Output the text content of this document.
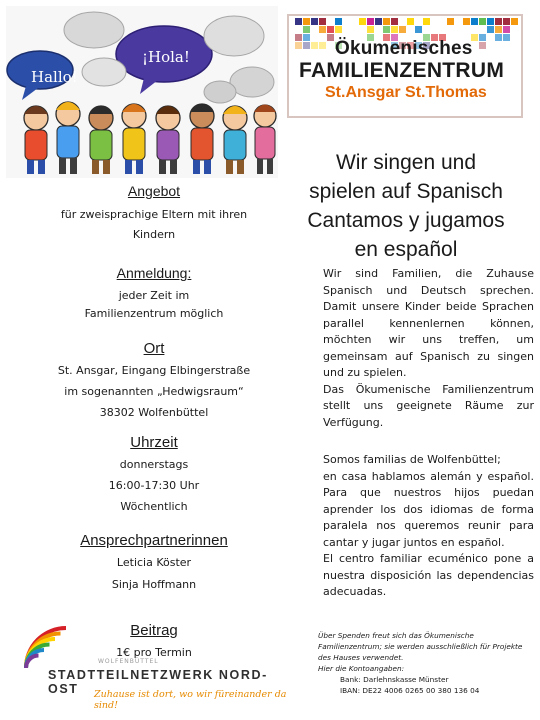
Hallo!
¡Hola!	Ökumenisches
FAMILIENZENTRUM
St.Ansgar St.Thomas
Angebot
für zweisprachige Eltern mit ihren Kindern
Anmeldung:
jeder Zeit im Familienzentrum möglich
Ort
St. Ansgar, Eingang Elbingerstraße
im sogenannten „Hedwigsraum“
38302 Wolfenbüttel
Uhrzeit
donnerstags
16:00-17:30 Uhr
Wöchentlich
Ansprechpartnerinnen
Leticia Köster
Sinja Hoffmann
Beitrag
1€ pro Termin
Wir singen und
spielen auf Spanisch
Cantamos y jugamos
en español
Wir sind Familien, die Zuhause Spanisch und Deutsch sprechen. Damit unsere Kinder beide Sprachen parallel kennenlernen können, möchten wir uns treffen, um gemeinsam auf Spanisch zu singen und zu spielen.
Das Ökumenische Familienzentrum stellt uns geeignete Räume zur Verfügung.
Somos familias de Wolfenbüttel;
en casa hablamos alemán y español. Para que nuestros hijos puedan aprender los dos idiomas de forma paralela nos queremos reunir para cantar y jugar juntos en español.
El centro familiar ecuménico pone a nuestra disposición las dependencias adecuadas.
Über Spenden freut sich das Ökumenische Familienzentrum; sie werden ausschließlich für Projekte des Hauses verwendet.
Hier die Kontoangaben:
Bank: Darlehnskasse Münster
IBAN: DE22 4006 0265 00 380 136 04
WOLFENBÜTTEL
STADTTEILNETZWERK NORD-OST	Zuhause ist dort, wo wir füreinander da sind!
